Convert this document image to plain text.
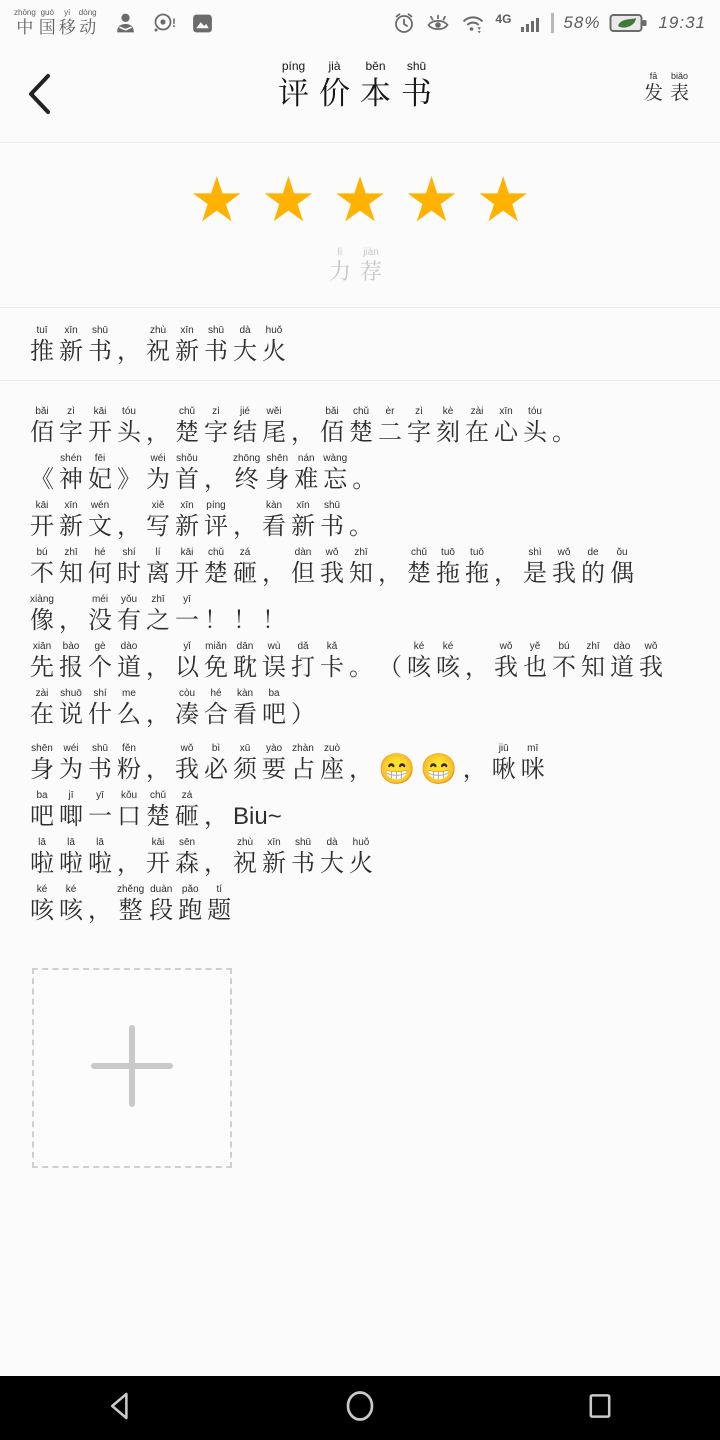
zhōng
中
guó
国
yí
移
dòng
动	!	4G	58%	19:31
píng
评
jià
价
běn
本
shū
书	fā
发
biǎo
表
★ ★ ★ ★ ★
lì
力
jiàn
荐
tuī
推
xīn
新
shū
书
，
zhù
祝
xīn
新
shū
书
dà
大
huǒ
火
bǎi
佰
zì
字
kāi
开
tóu
头
，
chǔ
楚
zì
字
jié
结
wěi
尾
，
bǎi
佰
chǔ
楚
èr
二
zì
字
kè
刻
zài
在
xīn
心
tóu
头
。

《
shén
神
fēi
妃
》
wéi
为
shǒu
首
，
zhōng
终
shēn
身
nán
难
wàng
忘
。
kāi
开
xīn
新
wén
文
，
xiě
写
xīn
新
píng
评
，
kàn
看
xīn
新
shū
书
。
bú
不
zhī
知
hé
何
shí
时
lí
离
kāi
开
chǔ
楚
zá
砸
，
dàn
但
wǒ
我
zhī
知
，
chǔ
楚
tuō
拖
tuō
拖
，
shì
是
wǒ
我
de
的
ǒu
偶
xiàng
像
，
méi
没
yǒu
有
zhī
之
yī
一
！
！
！
xiān
先
bào
报
gè
个
dào
道
，
yǐ
以
miǎn
免
dān
耽
wù
误
dǎ
打
kǎ
卡
。
（
ké
咳
ké
咳
，
wǒ
我
yě
也
bú
不
zhī
知
dào
道
wǒ
我
zài
在
shuō
说
shí
什
me
么
，
còu
凑
hé
合
kàn
看
ba
吧
）
shēn
身
wéi
为
shū
书
fěn
粉
，
wǒ
我
bì
必
xū
须
yào
要
zhàn
占
zuò
座
，
😁
😁
，
jiū
啾
mī
咪
ba
吧
jī
唧
yī
一
kǒu
口
chǔ
楚
zá
砸
，
Biu~
lā
啦
lā
啦
lā
啦
，
kāi
开
sēn
森
，
zhù
祝
xīn
新
shū
书
dà
大
huǒ
火
ké
咳
ké
咳
，
zhěng
整
duàn
段
pǎo
跑
tí
题
